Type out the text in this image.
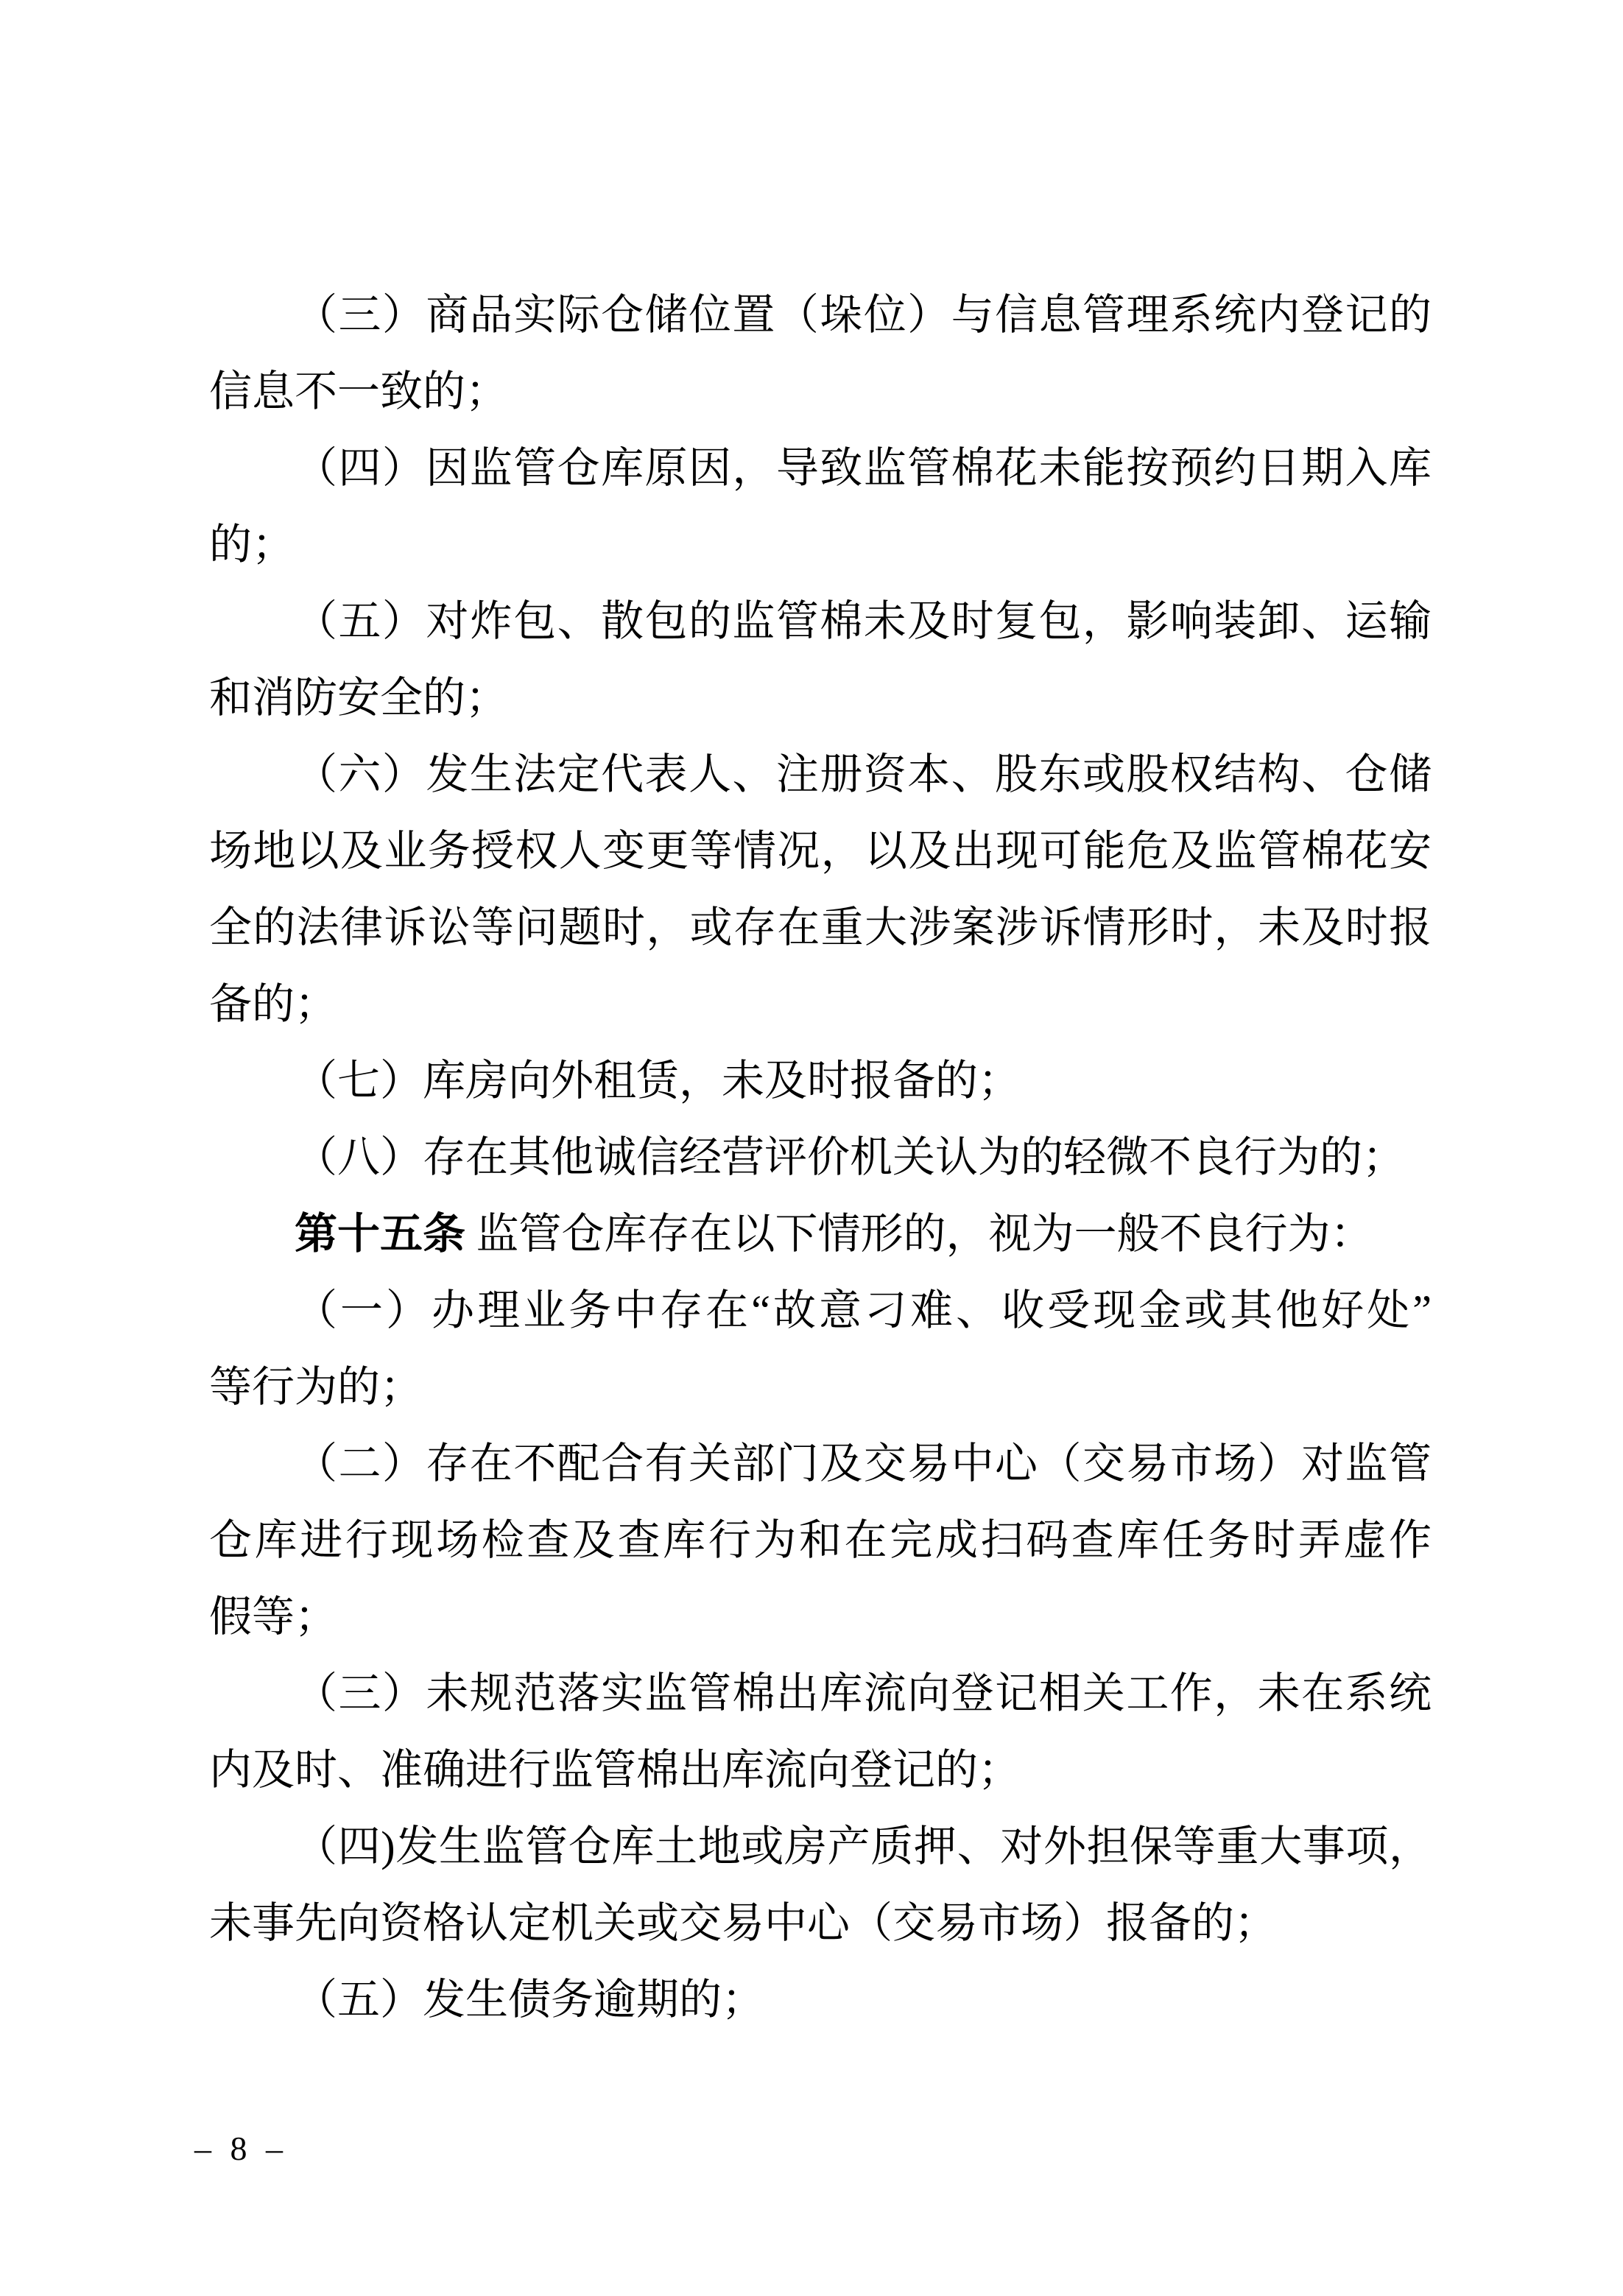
（三）商品实际仓储位置（垛位）与信息管理系统内登记的
信息不一致的；

（四）因监管仓库原因，导致监管棉花未能按预约日期入库
的；

（五）对炸包、散包的监管棉未及时复包，影响装卸、运输
和消防安全的；

（六）发生法定代表人、注册资本、股东或股权结构、仓储
场地以及业务授权人变更等情况，以及出现可能危及监管棉花安
全的法律诉讼等问题时，或存在重大涉案涉诉情形时，未及时报
备的；

（七）库房向外租赁，未及时报备的；

（八）存在其他诚信经营评价机关认为的轻微不良行为的；

第十五条 监管仓库存在以下情形的，视为一般不良行为：

（一）办理业务中存在“故意刁难、收受现金或其他好处”
等行为的；

（二）存在不配合有关部门及交易中心（交易市场）对监管
仓库进行现场检查及查库行为和在完成扫码查库任务时弄虚作
假等；

（三）未规范落实监管棉出库流向登记相关工作，未在系统
内及时、准确进行监管棉出库流向登记的；

（四)发生监管仓库土地或房产质押、对外担保等重大事项，
未事先向资格认定机关或交易中心（交易市场）报备的；

（五）发生债务逾期的；

– 8 –
